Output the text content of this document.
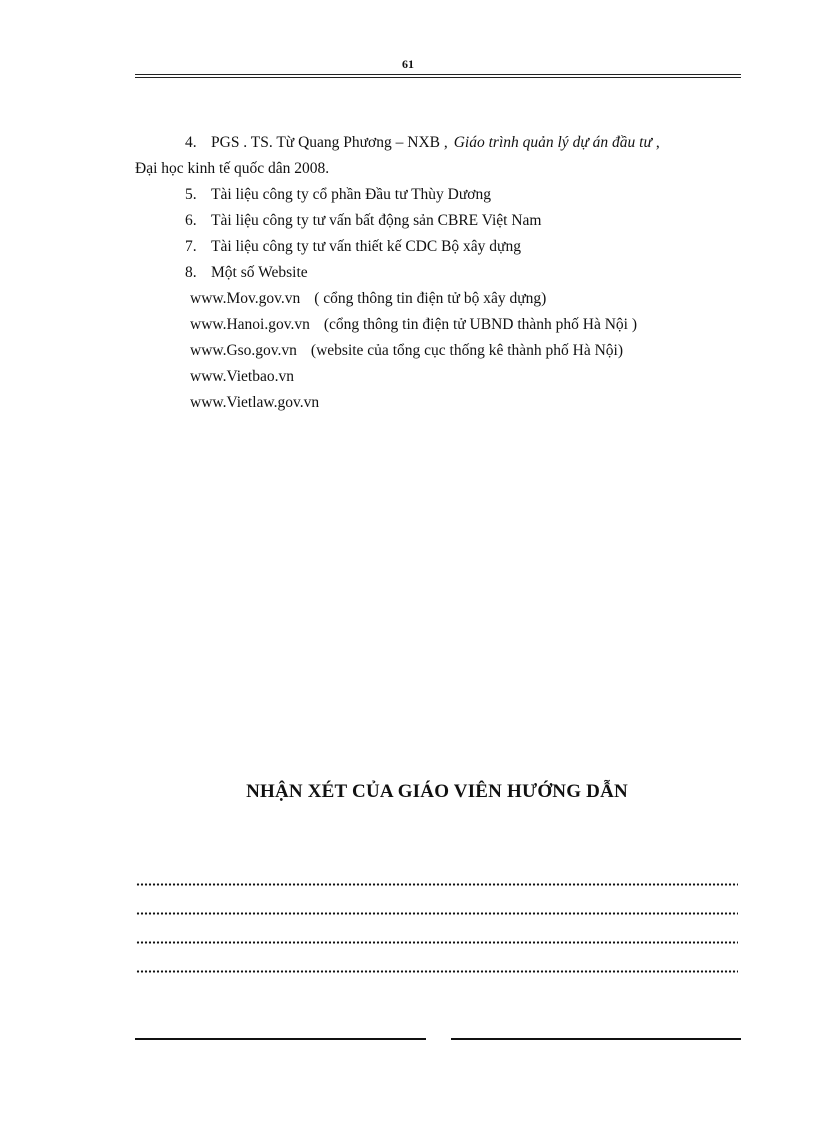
61
4. PGS . TS. Từ Quang Phương – NXB , Giáo trình quản lý dự án đầu tư ,
Đại học kinh tế quốc dân 2008.
5. Tài liệu công ty cổ phần Đầu tư Thùy Dương
6. Tài liệu công ty tư vấn bất động sản CBRE Việt Nam
7. Tài liệu công ty tư vấn thiết kế CDC Bộ xây dựng
8. Một số Website
www.Mov.gov.vn ( cổng thông tin điện tử bộ xây dựng)
www.Hanoi.gov.vn (cổng thông tin điện tử UBND thành phố Hà Nội )
www.Gso.gov.vn (website của tổng cục thống kê thành phố Hà Nội)
www.Vietbao.vn
www.Vietlaw.gov.vn
NHẬN XÉT CỦA GIÁO VIÊN HƯỚNG DẪN
